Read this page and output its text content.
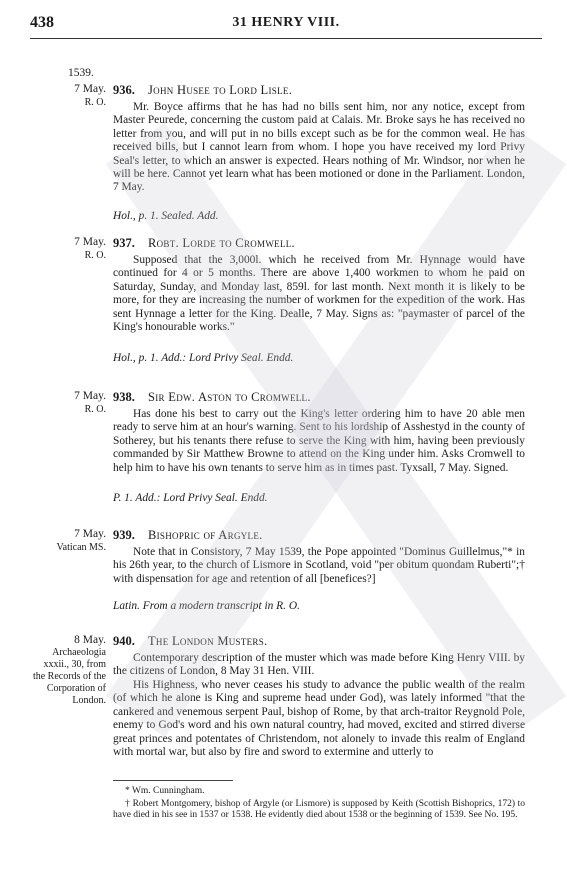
438	31 HENRY VIII.
1539.
7 May.
R. O.
936. John Husee to Lord Lisle.
Mr. Boyce affirms that he has had no bills sent him, nor any notice, except from Master Peurede, concerning the custom paid at Calais. Mr. Broke says he has received no letter from you, and will put in no bills except such as be for the common weal. He has received bills, but I cannot learn from whom. I hope you have received my lord Privy Seal's letter, to which an answer is expected. Hears nothing of Mr. Windsor, nor when he will be here. Cannot yet learn what has been motioned or done in the Parliament. London, 7 May.
Hol., p. 1. Sealed. Add.
7 May.
R. O.
937. Robt. Lorde to Cromwell.
Supposed that the 3,000l. which he received from Mr. Hynnage would have continued for 4 or 5 months. There are above 1,400 workmen to whom he paid on Saturday, Sunday, and Monday last, 859l. for last month. Next month it is likely to be more, for they are increasing the number of workmen for the expedition of the work. Has sent Hynnage a letter for the King. Dealle, 7 May. Signs as: "paymaster of parcel of the King's honourable works."
Hol., p. 1. Add.: Lord Privy Seal. Endd.
7 May.
R. O.
938. Sir Edw. Aston to Cromwell.
Has done his best to carry out the King's letter ordering him to have 20 able men ready to serve him at an hour's warning. Sent to his lordship of Asshestyd in the county of Sotherey, but his tenants there refuse to serve the King with him, having been previously commanded by Sir Matthew Browne to attend on the King under him. Asks Cromwell to help him to have his own tenants to serve him as in times past. Tyxsall, 7 May. Signed.
P. 1. Add.: Lord Privy Seal. Endd.
7 May.
Vatican MS.
939. Bishopric of Argyle.
Note that in Consistory, 7 May 1539, the Pope appointed "Dominus Guillelmus,"* in his 26th year, to the church of Lismore in Scotland, void "per obitum quondam Ruberti";† with dispensation for age and retention of all [benefices?]
Latin. From a modern transcript in R. O.
8 May.
Archaeologia xxxii., 30, from the Records of the Corporation of London.
940. The London Musters.
Contemporary description of the muster which was made before King Henry VIII. by the citizens of London, 8 May 31 Hen. VIII.
His Highness, who never ceases his study to advance the public wealth of the realm (of which he alone is King and supreme head under God), was lately informed "that the cankered and venemous serpent Paul, bishop of Rome, by that arch-traitor Reygnold Pole, enemy to God's word and his own natural country, had moved, excited and stirred diverse great princes and potentates of Christendom, not alonely to invade this realm of England with mortal war, but also by fire and sword to extermine and utterly to

* Wm. Cunningham.

† Robert Montgomery, bishop of Argyle (or Lismore) is supposed by Keith (Scottish Bishoprics, 172) to have died in his see in 1537 or 1538. He evidently died about 1538 or the beginning of 1539. See No. 195.
